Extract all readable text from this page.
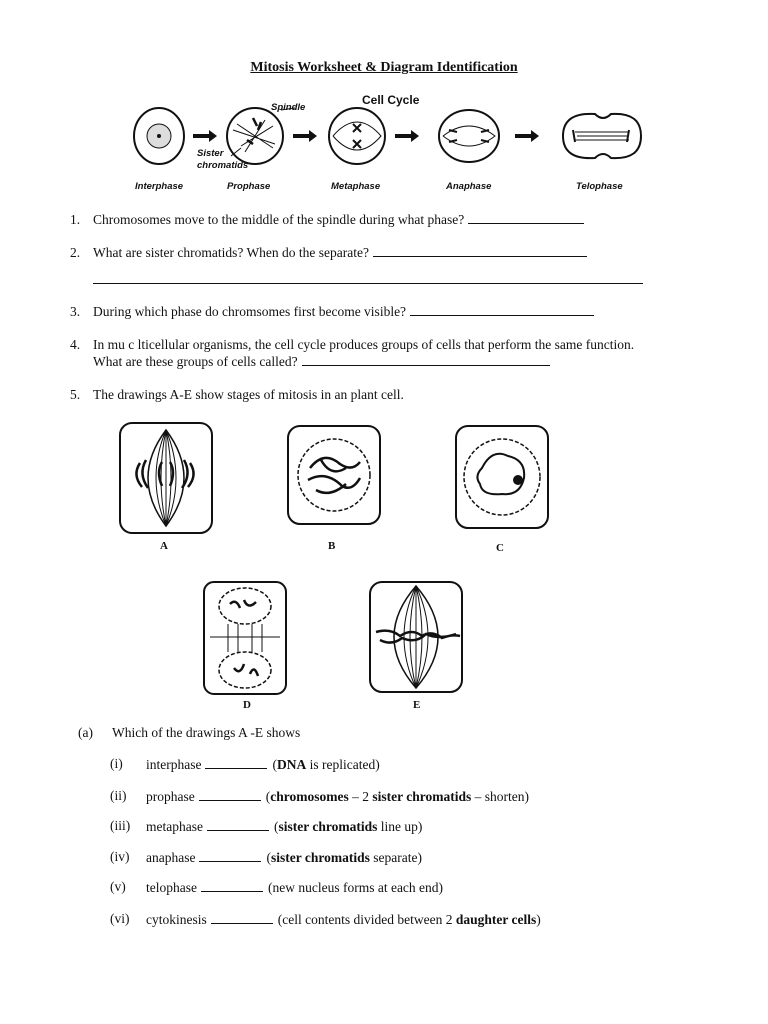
Mitosis Worksheet & Diagram Identification
Cell Cycle
Spindle
Sister
chromatids
Interphase	Prophase	Metaphase	Anaphase	Telophase
1. Chromosomes move to the middle of the spindle during what phase?
2. What are sister chromatids? When do the separate?
3. During which phase do chromsomes first become visible?
4. In mu c lticellular organisms, the cell cycle produces groups of cells that perform the same function.
What are these groups of cells called?
5. The drawings A-E show stages of mitosis in an plant cell.
A	B	C
D	E
(a) Which of the drawings A -E shows
(i) interphase	(DNA is replicated)
(ii) prophase	(chromosomes – 2 sister chromatids – shorten)
(iii) metaphase	(sister chromatids line up)
(iv) anaphase	(sister chromatids separate)
(v) telophase	(new nucleus forms at each end)
(vi) cytokinesis	(cell contents divided between 2 daughter cells)
